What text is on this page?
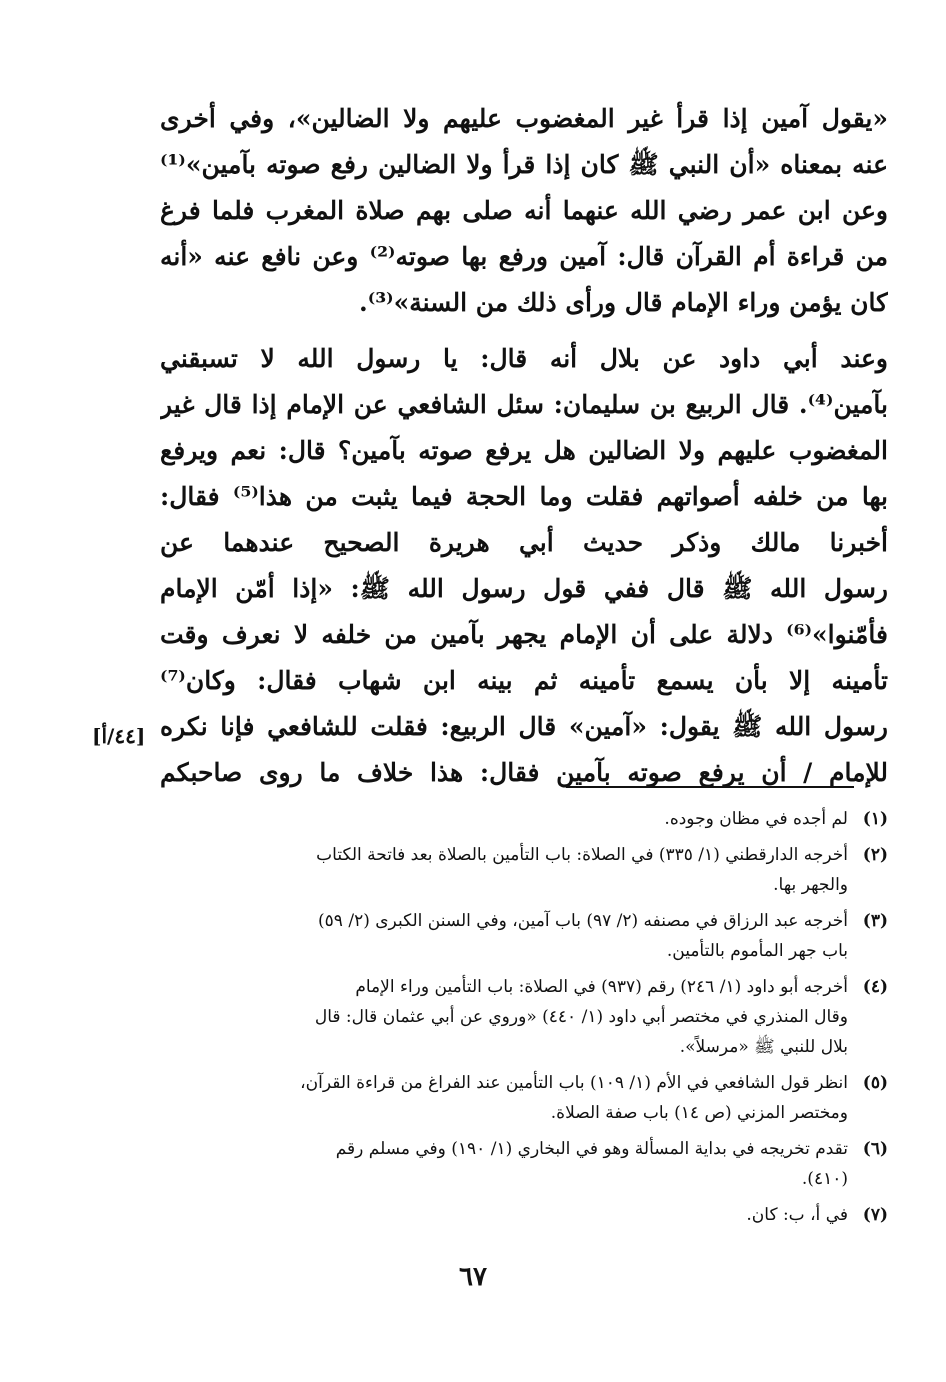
«يقول آمين إذا قرأ غير المغضوب عليهم ولا الضالين»، وفي أخرى
عنه بمعناه «أن النبي ﷺ كان إذا قرأ ولا الضالين رفع صوته بآمين»⁽¹⁾
وعن ابن عمر رضي الله عنهما أنه صلى بهم صلاة المغرب فلما فرغ
من قراءة أم القرآن قال: آمين ورفع بها صوته⁽²⁾ وعن نافع عنه «أنه
كان يؤمن وراء الإمام قال ورأى ذلك من السنة»⁽³⁾.
وعند أبي داود عن بلال أنه قال: يا رسول الله لا تسبقني
بآمين⁽⁴⁾. قال الربيع بن سليمان: سئل الشافعي عن الإمام إذا قال غير
المغضوب عليهم ولا الضالين هل يرفع صوته بآمين؟ قال: نعم ويرفع
بها من خلفه أصواتهم فقلت وما الحجة فيما يثبت من هذا⁽⁵⁾ فقال:
أخبرنا مالك وذكر حديث أبي هريرة الصحيح عندهما عن
رسول الله ﷺ قال ففي قول رسول الله ﷺ: «إذا أمّن الإمام
فأمّنوا»⁽⁶⁾ دلالة على أن الإمام يجهر بآمين من خلفه لا نعرف وقت
تأمينه إلا بأن يسمع تأمينه ثم بينه ابن شهاب فقال: وكان⁽⁷⁾
رسول الله ﷺ يقول: «آمين» قال الربيع: فقلت للشافعي فإنا نكره
للإمام / أن يرفع صوته بآمين فقال: هذا خلاف ما روى صاحبكم
[٤٤/أ]
(١)
لم أجده في مظان وجوده.
(٢)
أخرجه الدارقطني (١/ ٣٣٥) في الصلاة: باب التأمين بالصلاة بعد فاتحة الكتاب
والجهر بها.
(٣)
أخرجه عبد الرزاق في مصنفه (٢/ ٩٧) باب آمين، وفي السنن الكبرى (٢/ ٥٩)
باب جهر المأموم بالتأمين.
(٤)
أخرجه أبو داود (١/ ٢٤٦) رقم (٩٣٧) في الصلاة: باب التأمين وراء الإمام
وقال المنذري في مختصر أبي داود (١/ ٤٤٠) «وروي عن أبي عثمان قال: قال
بلال للنبي ﷺ «مرسلاً».
(٥)
انظر قول الشافعي في الأم (١/ ١٠٩) باب التأمين عند الفراغ من قراءة القرآن،
ومختصر المزني (ص ١٤) باب صفة الصلاة.
(٦)
تقدم تخريجه في بداية المسألة وهو في البخاري (١/ ١٩٠) وفي مسلم رقم
(٤١٠).
(٧)
في أ، ب: كان.
٦٧
